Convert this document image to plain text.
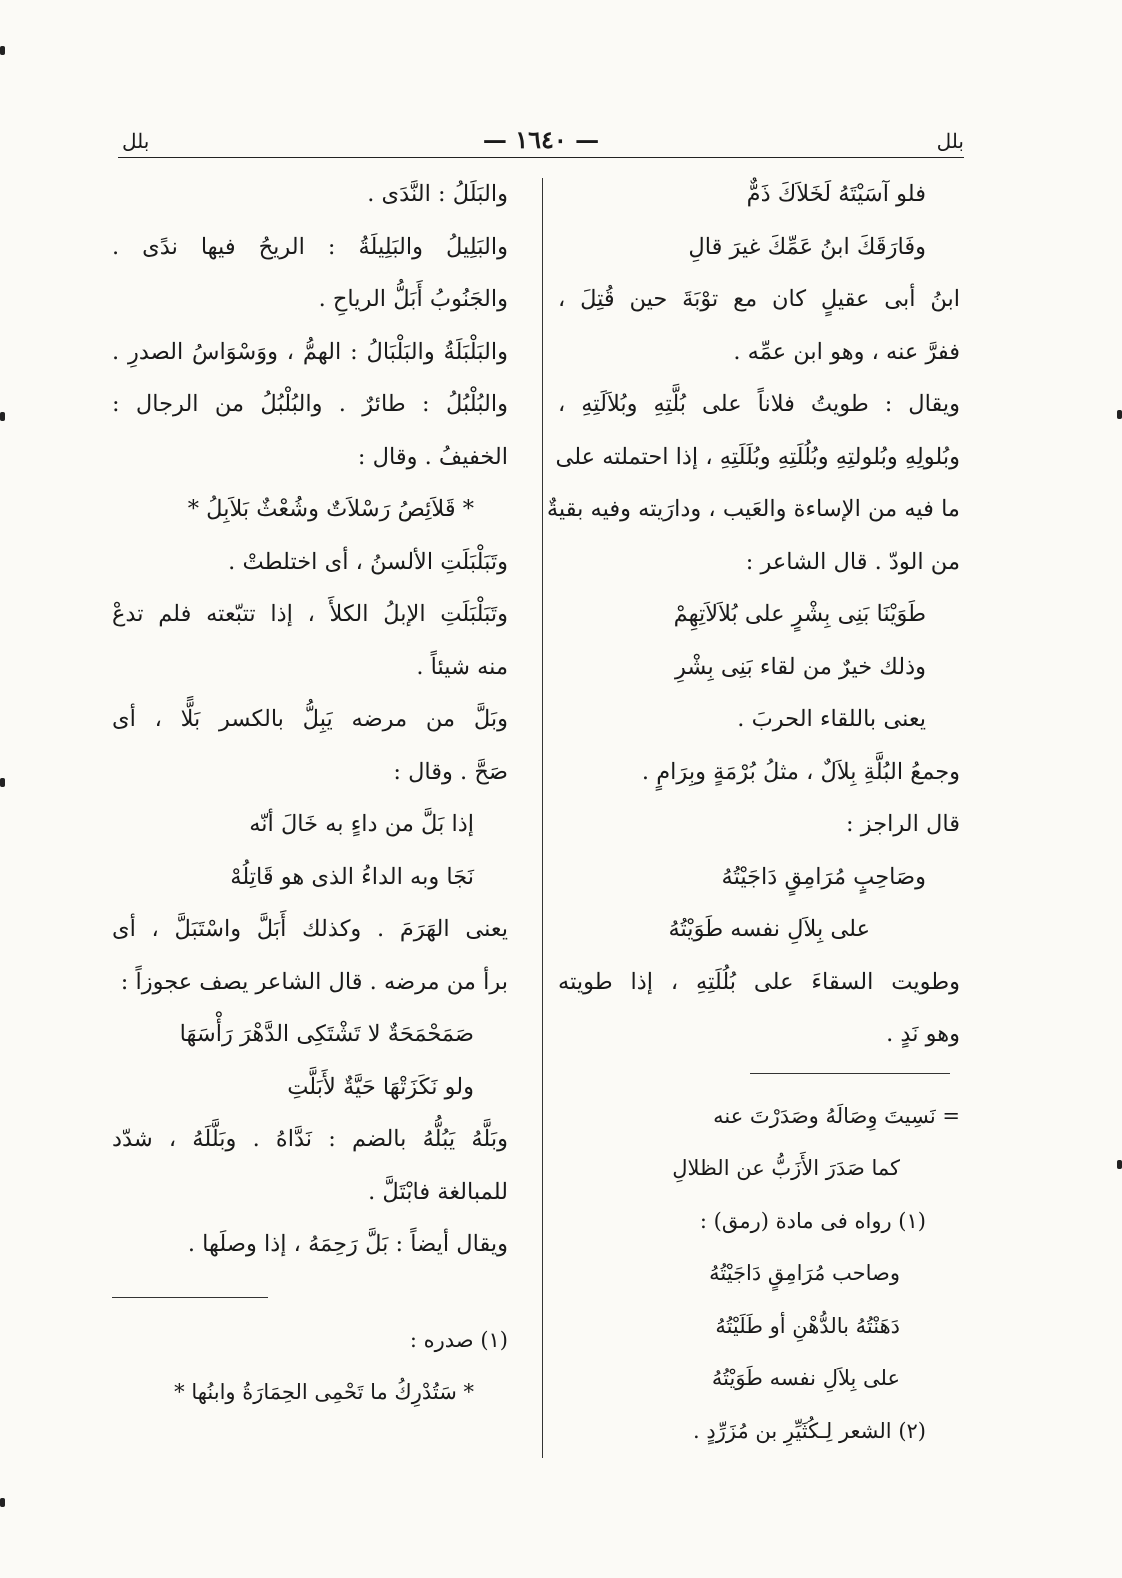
بلل
— ١٦٤٠ —
بلل
فلو آسَيْتَهُ لَخَلاَكَ ذَمٌّ
وفَارَقَكَ ابنُ عَمِّكَ غيرَ قالِ
ابنُ أبى عقيلٍ كان مع توْبَةَ حين قُتِلَ ،
ففرَّ عنه ، وهو ابن عمِّه .
ويقال : طويتُ فلاناً على بُلَّتِهِ وبُلاَلَتِهِ ،
وبُلولِهِ وبُلولتِهِ وبُلُلَتِهِ وبُلَلَتِهِ ، إذا احتملته على
ما فيه من الإساءة والعَيب ، ودارَيته وفيه بقيةٌ
من الودّ . قال الشاعر :
طَوَيْنَا بَنِى بِشْرٍ على بُلاَلاَتِهِمْ
وذلك خيرٌ من لقاء بَنِى بِشْرِ
يعنى باللقاء الحربَ .
وجمعُ البُلَّةِ بِلاَلٌ ، مثلُ بُرْمَةٍ وبِرَامٍ .
قال الراجز :
وصَاحِبٍ مُرَامِقٍ دَاجَيْتُهُ
على بِلاَلِ نفسه طَوَيْتُهُ
وطويت السقاءَ على بُلُلَتِهِ ، إذا طويته
وهو نَدٍ .
= نَسِيتَ وِصَالَهُ وصَدَرْتَ عنه
كما صَدَرَ الأَزَبُّ عن الظلالِ
(١) رواه فى مادة (رمق) :
وصاحب مُرَامِقٍ دَاجَيْتُهُ
دَهَنْتُهُ بالدُّهْنِ أو طَلَيْتُهُ
على بِلاَلِ نفسه طَوَيْتُهُ
(٢) الشعر لِـكُثَيِّرِ بن مُزَرِّدٍ .
والبَلَلُ : النَّدَى .
والبَلِيلُ والبَلِيلَةُ : الريحُ فيها ندًى .
والجَنُوبُ أَبَلُّ الرياحِ .
والبَلْبَلَةُ والبَلْبَالُ : الهمُّ ، ووَسْوَاسُ الصدرِ .
والبُلْبُلُ : طائرٌ . والبُلْبُلُ من الرجال :
الخفيفُ . وقال :
* قَلاَئِصُ رَسْلاَتٌ وشُعْثٌ بَلاَبِلُ *
وتَبَلْبَلَتِ الألسنُ ، أى اختلطتْ .
وتَبَلْبَلَتِ الإبلُ الكلأَ ، إذا تتبّعته فلم تدعْ
منه شيئاً .
وبَلَّ من مرضه يَبِلُّ بالكسر بَلًّا ، أى
صَحَّ . وقال :
إذا بَلَّ من داءٍ به خَالَ أنّه
نَجَا وبه الداءُ الذى هو قَاتِلُهْ
يعنى الهَرَمَ . وكذلك أَبَلَّ واسْتَبَلَّ ، أى
برأ من مرضه . قال الشاعر يصف عجوزاً :
صَمَحْمَحَةٌ لا تَشْتَكِى الدَّهْرَ رَأْسَهَا
ولو نَكَزَتْهَا حَيَّةٌ لأَبَلَّتِ
وبَلَّهُ يَبُلُّهُ بالضم : نَدَّاهُ . وبَلَّلَهُ ، شدّد
للمبالغة فابْتَلَّ .
ويقال أيضاً : بَلَّ رَحِمَهُ ، إذا وصلَها .
(١) صدره :
* سَتُدْرِكُ ما تَحْمِى الحِمَارَةُ وابنُها *
